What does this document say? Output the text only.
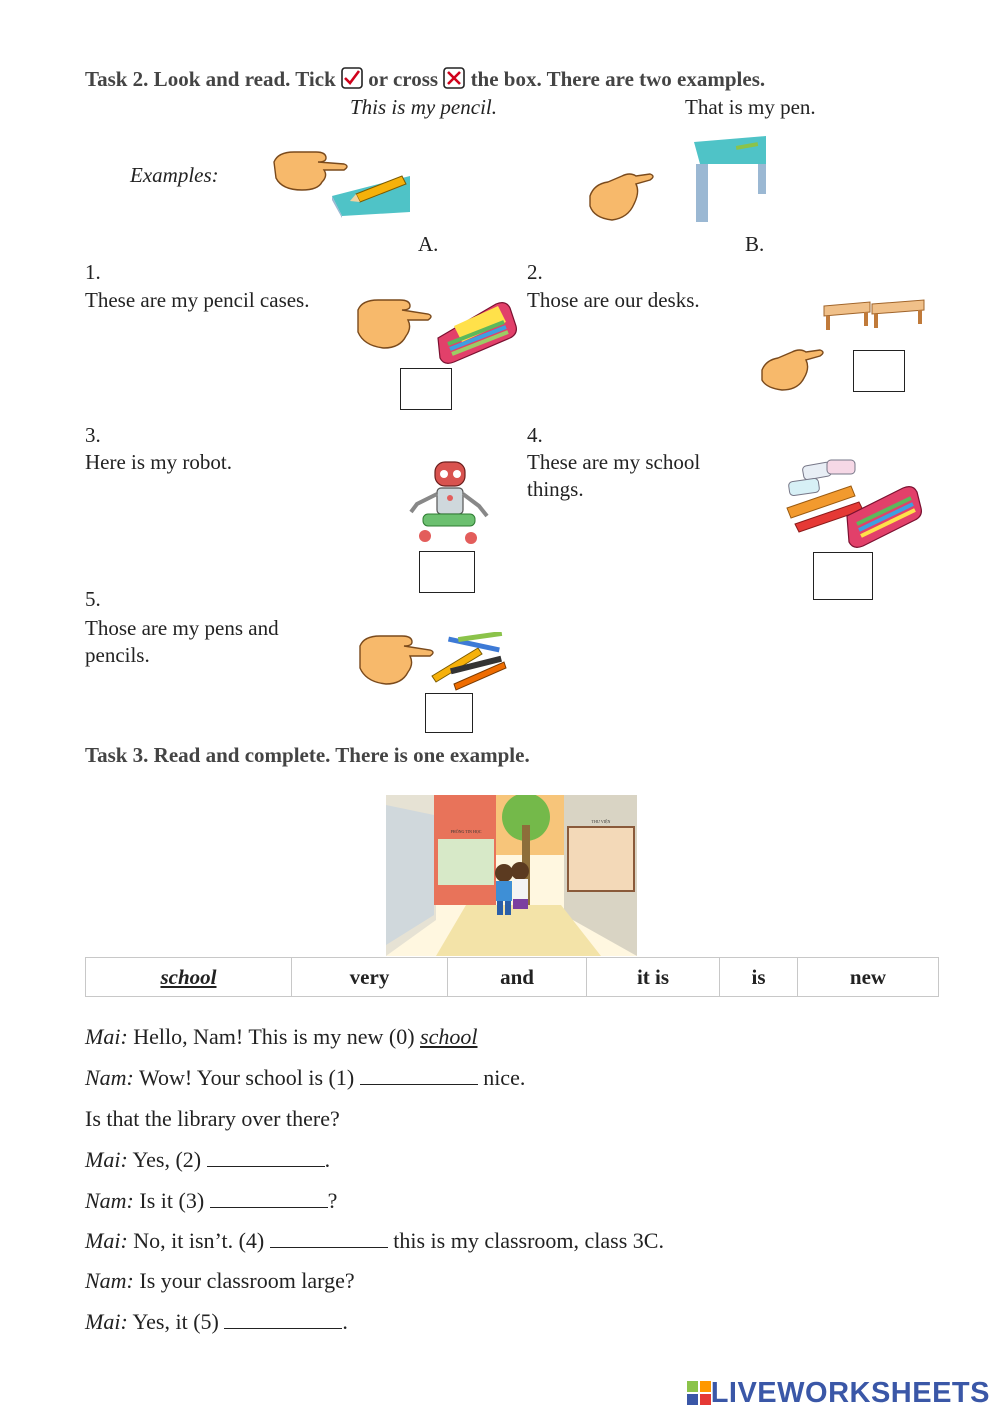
Task 2. Look and read. Tick or cross ☒ the box. There are two examples.
This is my pencil.	That is my pen.
Examples:
A.	B.
1.
These are my pencil cases.
2.
Those are our desks.
3.
Here is my robot.
4.
These are my school
things.
5.
Those are my pens and
pencils.
Task 3. Read and complete. There is one example.
PHÒNG TIN HỌC
THƯ VIỆN
school	very	and	it is	is	new
Mai: Hello, Nam! This is my new (0) school
Nam: Wow! Your school is (1)	nice.
Is that the library over there?
Mai: Yes, (2)	.
Nam: Is it (3)	?
Mai: No, it isn’t. (4)	this is my classroom, class 3C.
Nam: Is your classroom large?
Mai: Yes, it (5)	.
LIVEWORKSHEETS
